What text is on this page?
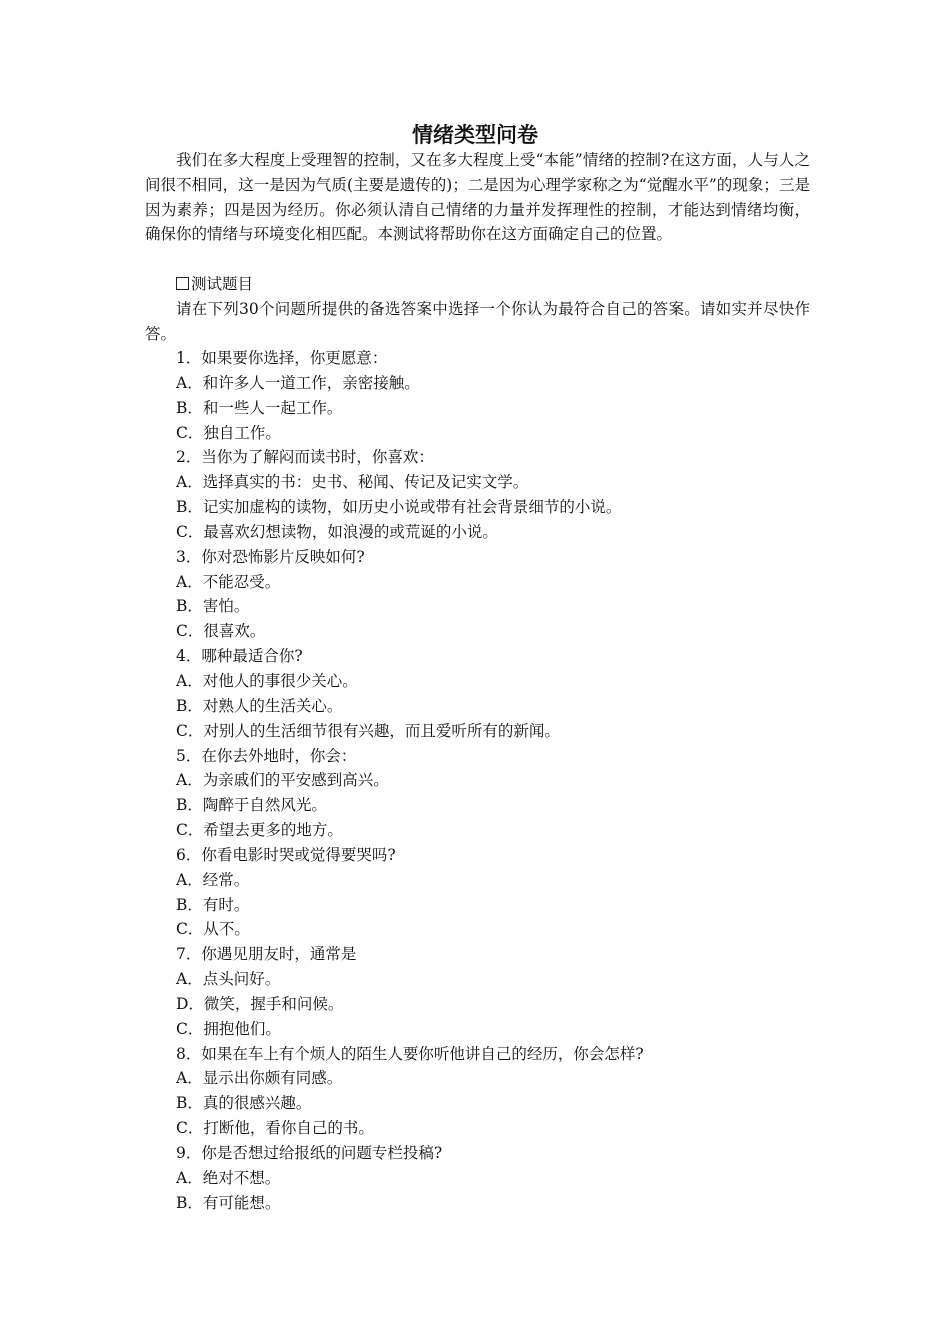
情绪类型问卷

我们在多大程度上受理智的控制，又在多大程度上受“本能”情绪的控制?在这方面，人与人之间很不相同，这一是因为气质(主要是遗传的)；二是因为心理学家称之为“觉醒水平”的现象；三是因为素养；四是因为经历。你必须认清自己情绪的力量并发挥理性的控制，才能达到情绪均衡，确保你的情绪与环境变化相匹配。本测试将帮助你在这方面确定自己的位置。

测试题目

请在下列30个问题所提供的备选答案中选择一个你认为最符合自己的答案。请如实并尽快作答。

1．如果要你选择，你更愿意：
A．和许多人一道工作，亲密接触。
B．和一些人一起工作。
C．独自工作。
2．当你为了解闷而读书时，你喜欢：
A．选择真实的书：史书、秘闻、传记及记实文学。
B．记实加虚构的读物，如历史小说或带有社会背景细节的小说。
C．最喜欢幻想读物，如浪漫的或荒诞的小说。
3．你对恐怖影片反映如何?
A．不能忍受。
B．害怕。
C．很喜欢。
4．哪种最适合你?
A．对他人的事很少关心。
B．对熟人的生活关心。
C．对别人的生活细节很有兴趣，而且爱听所有的新闻。
5．在你去外地时，你会：
A．为亲戚们的平安感到高兴。
B．陶醉于自然风光。
C．希望去更多的地方。
6．你看电影时哭或觉得要哭吗?
A．经常。
B．有时。
C．从不。
7．你遇见朋友时，通常是
A．点头问好。
D．微笑，握手和问候。
C．拥抱他们。
8．如果在车上有个烦人的陌生人要你听他讲自己的经历，你会怎样?
A．显示出你颇有同感。
B．真的很感兴趣。
C．打断他，看你自己的书。
9．你是否想过给报纸的问题专栏投稿?
A．绝对不想。
B．有可能想。
